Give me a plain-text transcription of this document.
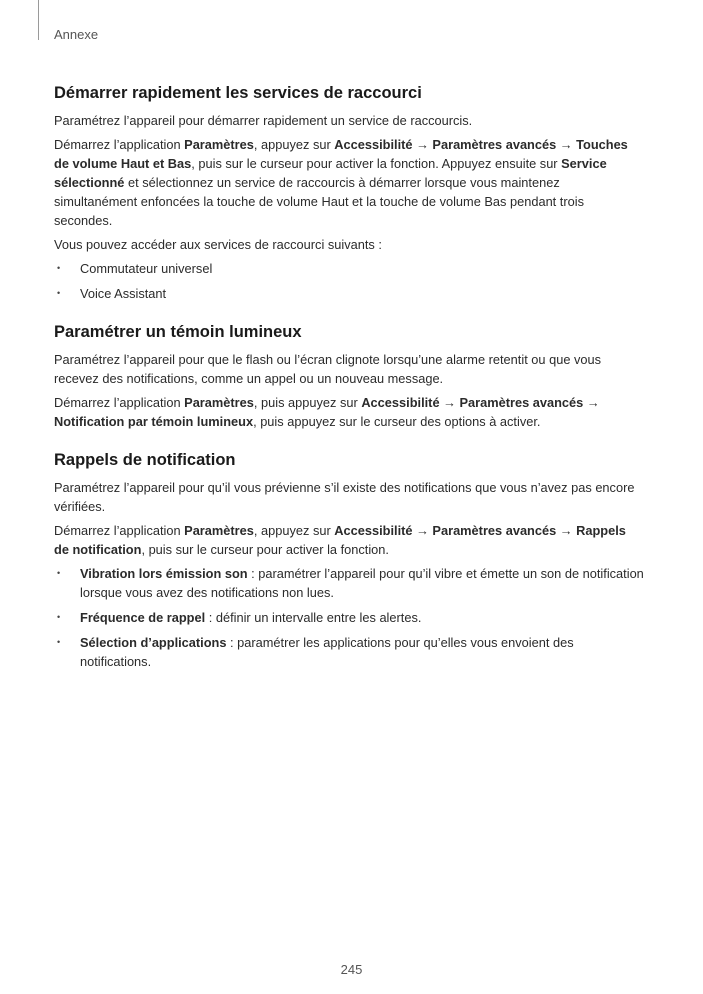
Annexe
Démarrer rapidement les services de raccourci

Paramétrez l’appareil pour démarrer rapidement un service de raccourcis.

Démarrez l’application Paramètres, appuyez sur Accessibilité → Paramètres avancés → Touches de volume Haut et Bas, puis sur le curseur pour activer la fonction. Appuyez ensuite sur Service sélectionné et sélectionnez un service de raccourcis à démarrer lorsque vous maintenez simultanément enfoncées la touche de volume Haut et la touche de volume Bas pendant trois secondes.

Vous pouvez accéder aux services de raccourci suivants :

• Commutateur universel
• Voice Assistant
Paramétrer un témoin lumineux

Paramétrez l’appareil pour que le flash ou l’écran clignote lorsqu’une alarme retentit ou que vous recevez des notifications, comme un appel ou un nouveau message.

Démarrez l’application Paramètres, puis appuyez sur Accessibilité → Paramètres avancés → Notification par témoin lumineux, puis appuyez sur le curseur des options à activer.

Rappels de notification

Paramétrez l’appareil pour qu’il vous prévienne s’il existe des notifications que vous n’avez pas encore vérifiées.

Démarrez l’application Paramètres, appuyez sur Accessibilité → Paramètres avancés → Rappels de notification, puis sur le curseur pour activer la fonction.

• Vibration lors émission son : paramétrer l’appareil pour qu’il vibre et émette un son de notification lorsque vous avez des notifications non lues.
• Fréquence de rappel : définir un intervalle entre les alertes.
• Sélection d’applications : paramétrer les applications pour qu’elles vous envoient des notifications.
245
